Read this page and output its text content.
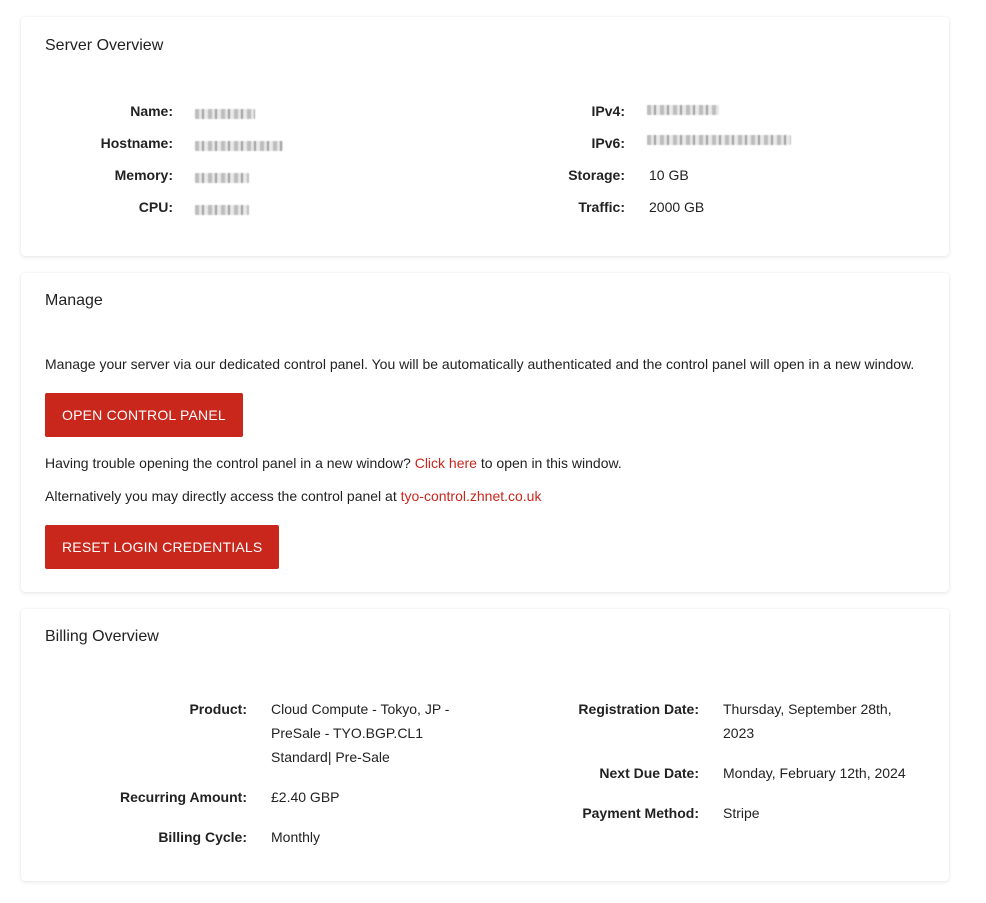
Server Overview
Name:
Hostname:
Memory:
CPU:
IPv4:
IPv6:
Storage: 10 GB
Traffic: 2000 GB
Manage
Manage your server via our dedicated control panel. You will be automatically authenticated and the control panel will open in a new window.
OPEN CONTROL PANEL
Having trouble opening the control panel in a new window? Click here to open in this window.
Alternatively you may directly access the control panel at tyo-control.zhnet.co.uk
RESET LOGIN CREDENTIALS
Billing Overview
Product: Cloud Compute - Tokyo, JP -
PreSale - TYO.BGP.CL1
Standard| Pre-Sale
Recurring Amount: £2.40 GBP
Billing Cycle: Monthly
Registration Date: Thursday, September 28th,
2023
Next Due Date: Monday, February 12th, 2024
Payment Method: Stripe
